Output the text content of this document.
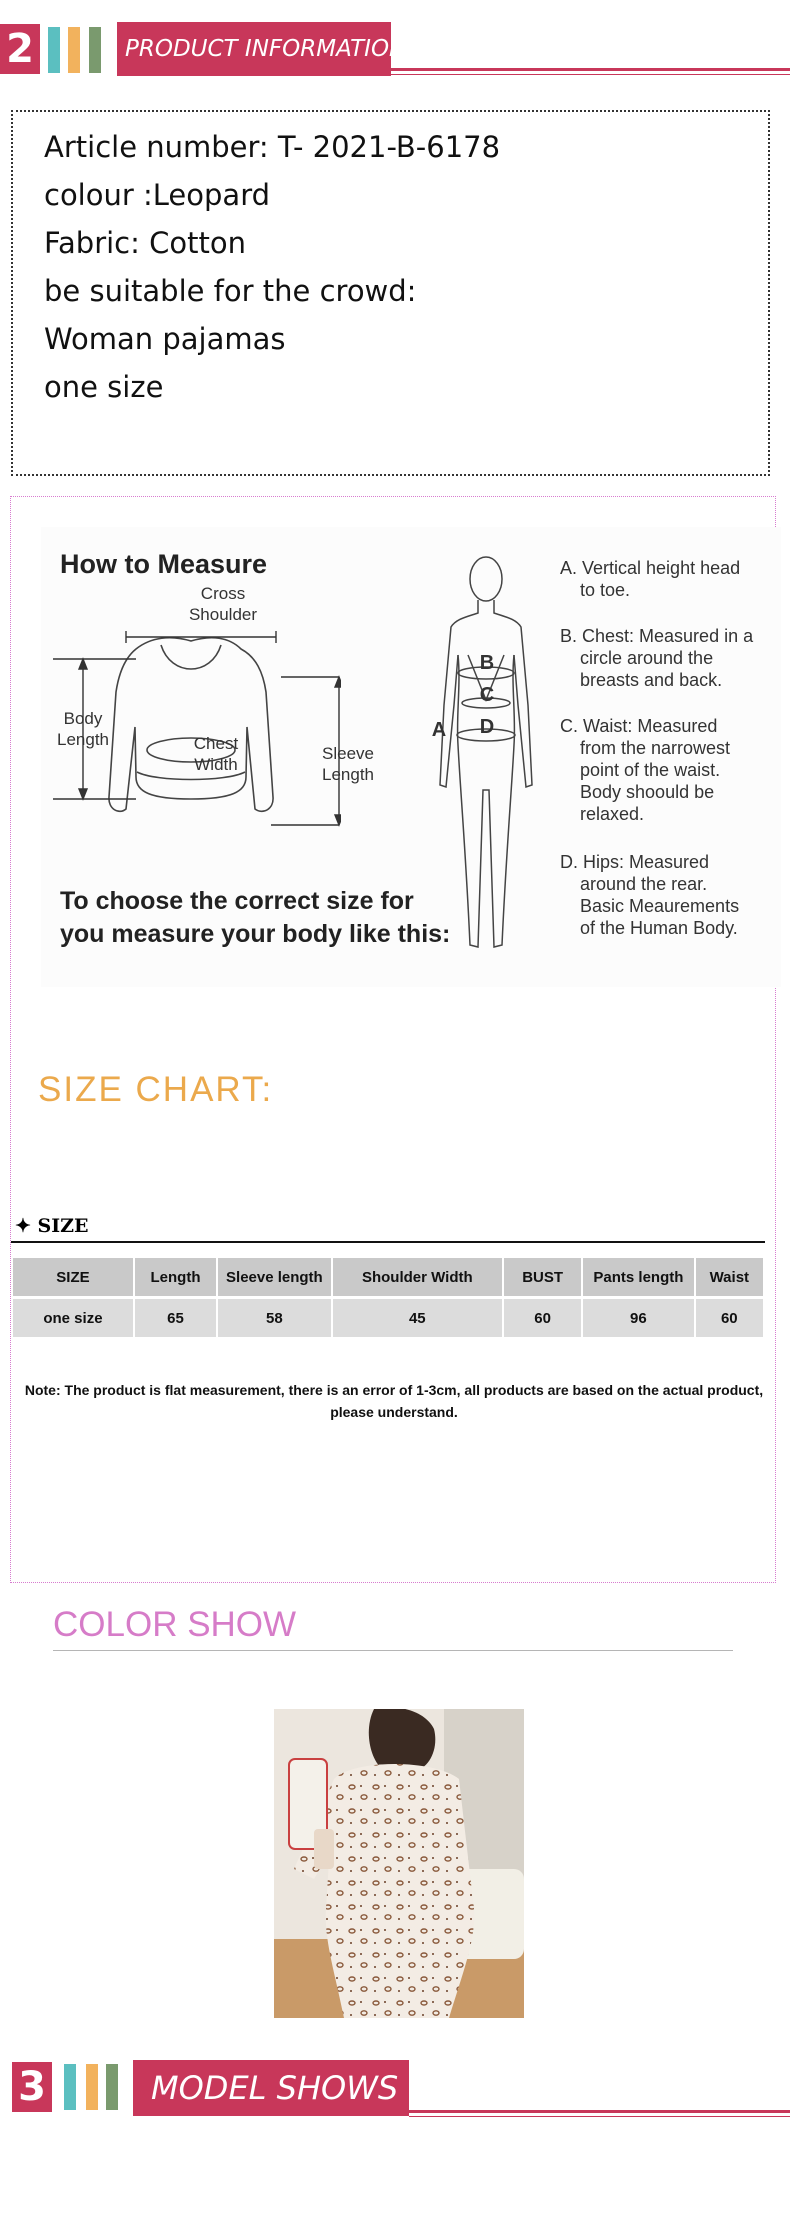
2	PRODUCT INFORMATION
Article number: T- 2021-B-6178
colour :Leopard
Fabric: Cotton
be suitable for the crowd:
Woman pajamas
one size
How to Measure
Cross
Shoulder
Body
Length	Chest
Width
Sleeve
Length
To choose the correct size for
you measure your body like this:
A
B
C
D
A. Vertical height head
to toe.
B. Chest: Measured in a
circle around the
breasts and back.
C. Waist: Measured
from the narrowest
point of the waist.
Body shoould be
relaxed.
D. Hips: Measured
around the rear.
Basic Meaurements
of the Human Body.
SIZE CHART:
✦ SIZE
SIZE	Length	Sleeve length	Shoulder Width	BUST	Pants length	Waist
one size	65	58	45	60	96	60
Note: The product is flat measurement, there is an error of 1-3cm, all products are based on the actual product,
please understand.
COLOR SHOW
3	MODEL SHOWS
